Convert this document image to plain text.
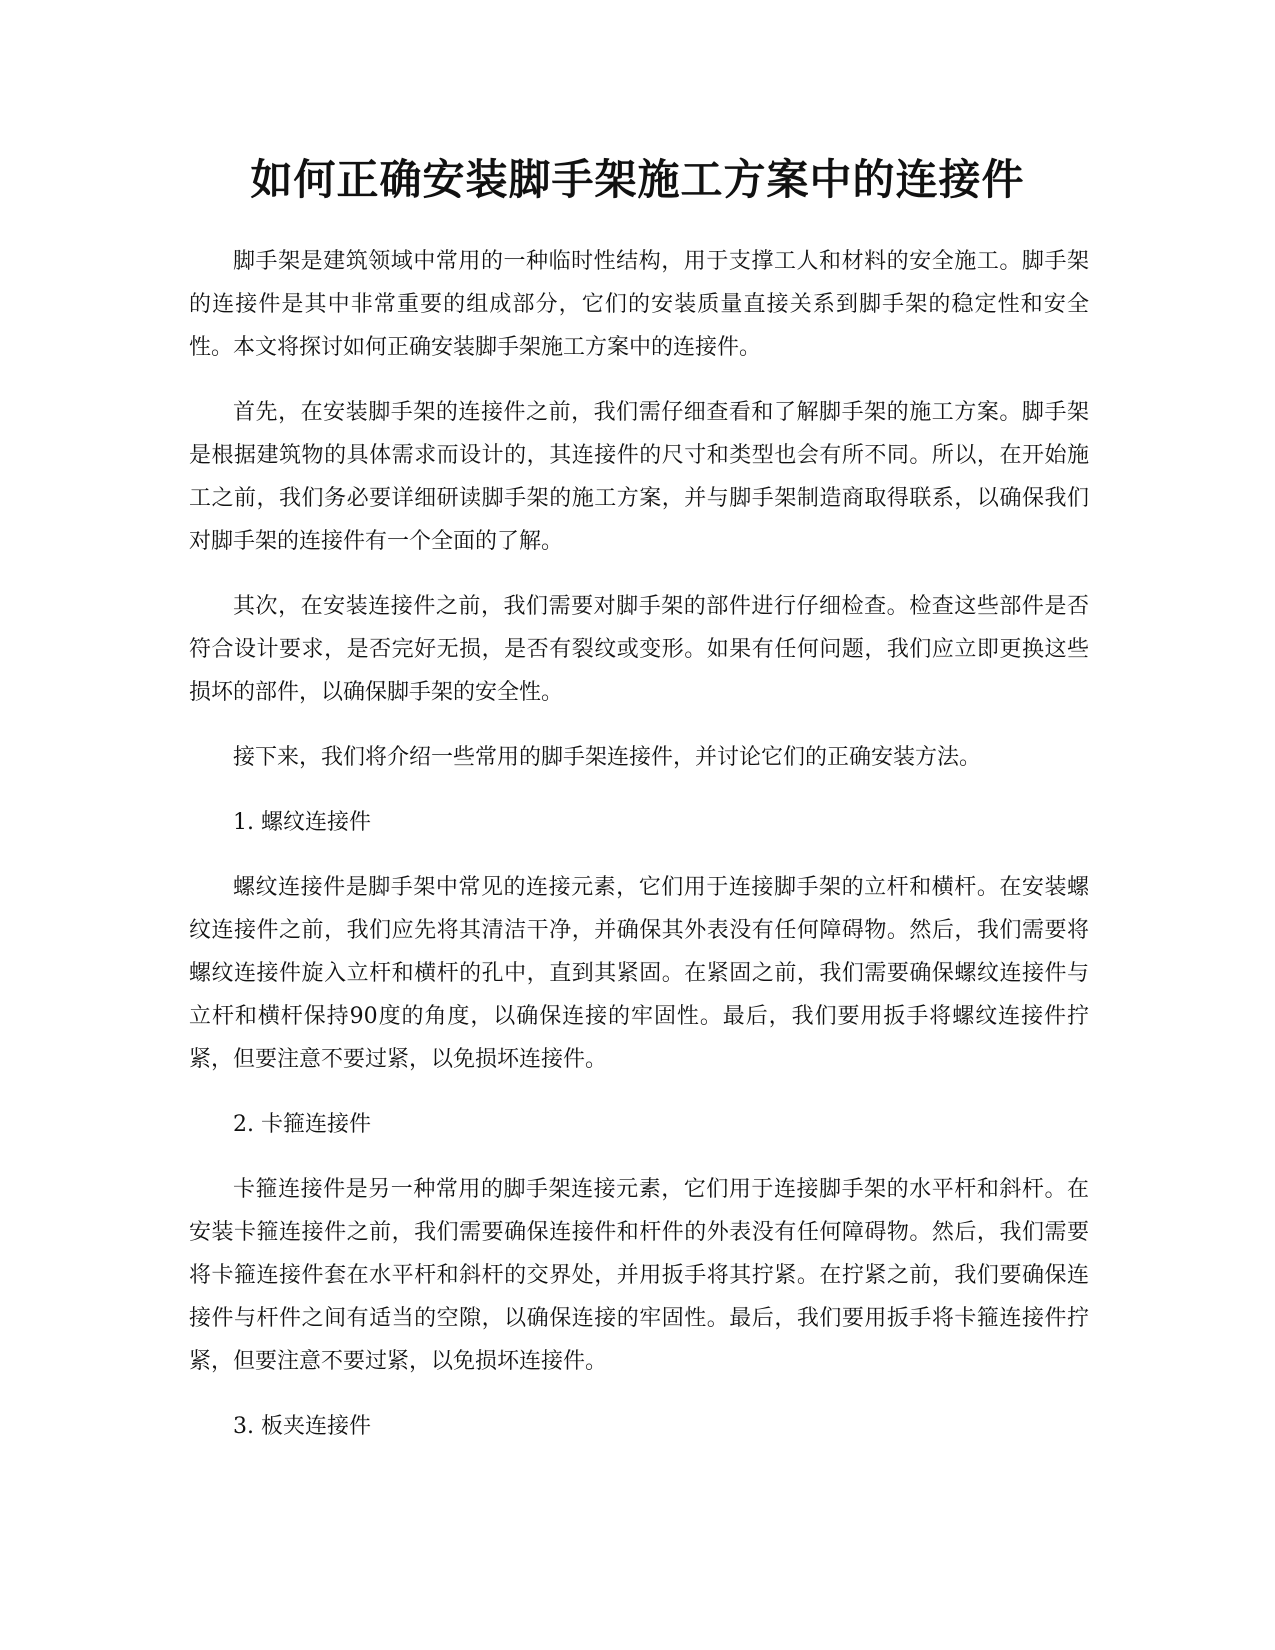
如何正确安装脚手架施工方案中的连接件

脚手架是建筑领域中常用的一种临时性结构，用于支撑工人和材料的安全施工。脚手架的连接件是其中非常重要的组成部分，它们的安装质量直接关系到脚手架的稳定性和安全性。本文将探讨如何正确安装脚手架施工方案中的连接件。

首先，在安装脚手架的连接件之前，我们需仔细查看和了解脚手架的施工方案。脚手架是根据建筑物的具体需求而设计的，其连接件的尺寸和类型也会有所不同。所以，在开始施工之前，我们务必要详细研读脚手架的施工方案，并与脚手架制造商取得联系，以确保我们对脚手架的连接件有一个全面的了解。

其次，在安装连接件之前，我们需要对脚手架的部件进行仔细检查。检查这些部件是否符合设计要求，是否完好无损，是否有裂纹或变形。如果有任何问题，我们应立即更换这些损坏的部件，以确保脚手架的安全性。

接下来，我们将介绍一些常用的脚手架连接件，并讨论它们的正确安装方法。

1. 螺纹连接件

螺纹连接件是脚手架中常见的连接元素，它们用于连接脚手架的立杆和横杆。在安装螺纹连接件之前，我们应先将其清洁干净，并确保其外表没有任何障碍物。然后，我们需要将螺纹连接件旋入立杆和横杆的孔中，直到其紧固。在紧固之前，我们需要确保螺纹连接件与立杆和横杆保持90度的角度，以确保连接的牢固性。最后，我们要用扳手将螺纹连接件拧紧，但要注意不要过紧，以免损坏连接件。

2. 卡箍连接件

卡箍连接件是另一种常用的脚手架连接元素，它们用于连接脚手架的水平杆和斜杆。在安装卡箍连接件之前，我们需要确保连接件和杆件的外表没有任何障碍物。然后，我们需要将卡箍连接件套在水平杆和斜杆的交界处，并用扳手将其拧紧。在拧紧之前，我们要确保连接件与杆件之间有适当的空隙，以确保连接的牢固性。最后，我们要用扳手将卡箍连接件拧紧，但要注意不要过紧，以免损坏连接件。

3. 板夹连接件
